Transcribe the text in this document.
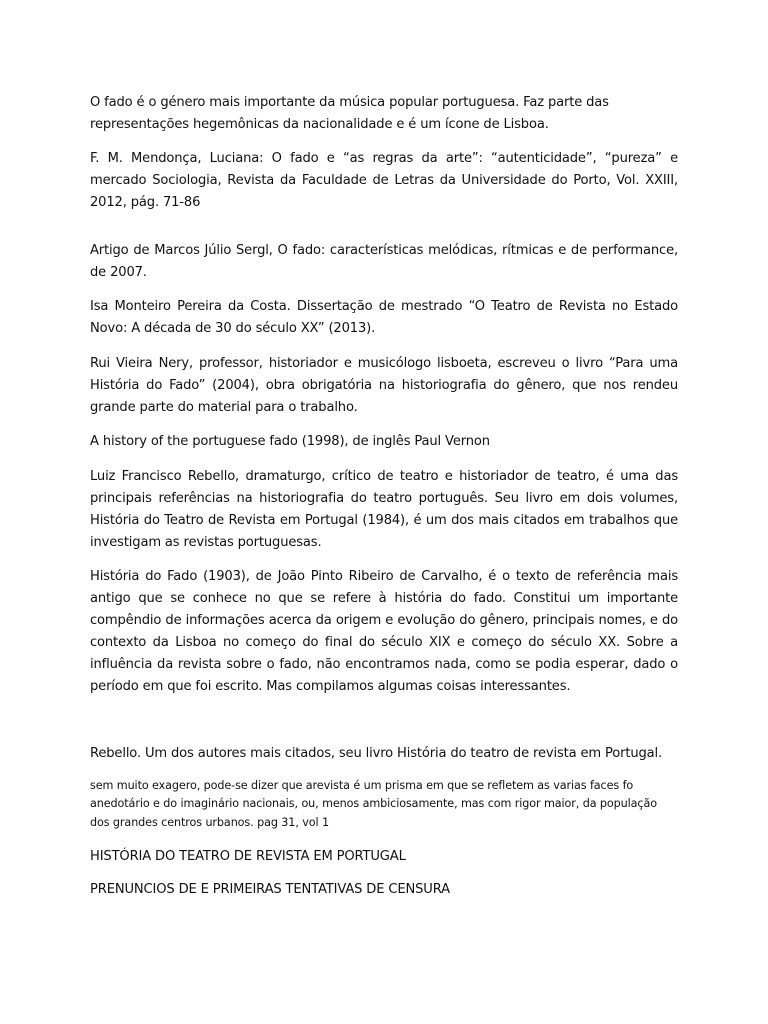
O fado é o género mais importante da música popular portuguesa. Faz parte das representações hegemônicas da nacionalidade e é um ícone de Lisboa.

F. M. Mendonça, Luciana: O fado e “as regras da arte”: “autenticidade”, “pureza” e mercado Sociologia, Revista da Faculdade de Letras da Universidade do Porto, Vol. XXIII, 2012, pág. 71-86

Artigo de Marcos Júlio Sergl, O fado: características melódicas, rítmicas e de performance, de 2007.

Isa Monteiro Pereira da Costa. Dissertação de mestrado “O Teatro de Revista no Estado Novo: A década de 30 do século XX” (2013).

Rui Vieira Nery, professor, historiador e musicólogo lisboeta, escreveu o livro “Para uma História do Fado” (2004), obra obrigatória na historiografia do gênero, que nos rendeu grande parte do material para o trabalho.

A history of the portuguese fado (1998), de inglês Paul Vernon

Luiz Francisco Rebello, dramaturgo, crítico de teatro e historiador de teatro, é uma das principais referências na historiografia do teatro português. Seu livro em dois volumes, História do Teatro de Revista em Portugal (1984), é um dos mais citados em trabalhos que investigam as revistas portuguesas.

História do Fado (1903), de João Pinto Ribeiro de Carvalho, é o texto de referência mais antigo que se conhece no que se refere à história do fado. Constitui um importante compêndio de informações acerca da origem e evolução do gênero, principais nomes, e do contexto da Lisboa no começo do final do século XIX e começo do século XX. Sobre a influência da revista sobre o fado, não encontramos nada, como se podia esperar, dado o período em que foi escrito. Mas compilamos algumas coisas interessantes.

Rebello. Um dos autores mais citados, seu livro História do teatro de revista em Portugal.

sem muito exagero, pode-se dizer que arevista é um prisma em que se refletem as varias faces fo anedotário e do imaginário nacionais, ou, menos ambiciosamente, mas com rigor maior, da população dos grandes centros urbanos. pag 31, vol 1

HISTÓRIA DO TEATRO DE REVISTA EM PORTUGAL

PRENUNCIOS DE E PRIMEIRAS TENTATIVAS DE CENSURA
